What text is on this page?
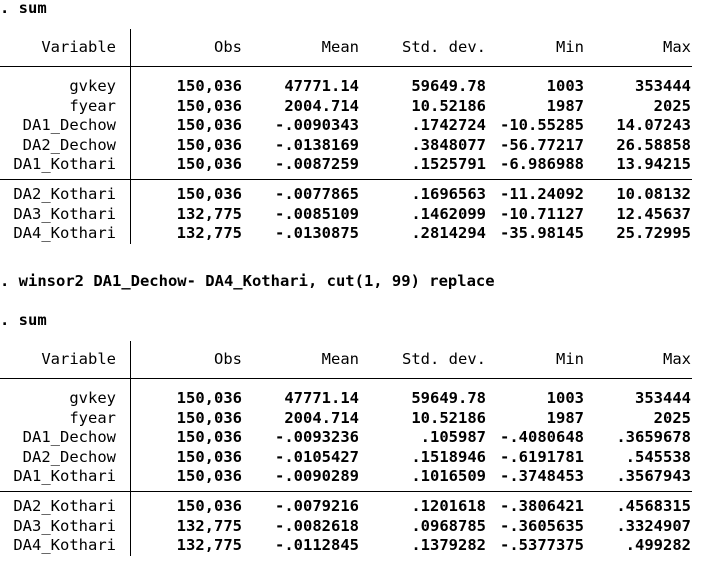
. sum
Variable	Obs	Mean	Std. dev.	Min	Max
gvkey	150,036	47771.14	59649.78	1003	353444
fyear	150,036	2004.714	10.52186	1987	2025
DA1_Dechow	150,036 -.0090343	.1742724 -10.55285 14.07243
DA2_Dechow	150,036 -.0138169	.3848077 -56.77217 26.58858
DA1_Kothari	150,036 -.0087259	.1525791 -6.986988 13.94215
DA2_Kothari	150,036 -.0077865	.1696563 -11.24092 10.08132
DA3_Kothari	132,775 -.0085109	.1462099 -10.71127 12.45637
DA4_Kothari	132,775 -.0130875	.2814294 -35.98145 25.72995
. winsor2 DA1_Dechow- DA4_Kothari, cut(1, 99) replace
. sum
Variable	Obs	Mean	Std. dev.	Min	Max
gvkey	150,036	47771.14	59649.78	1003	353444
fyear	150,036	2004.714	10.52186	1987	2025
DA1_Dechow	150,036 -.0093236	.105987 -.4080648 .3659678
DA2_Dechow	150,036 -.0105427	.1518946 -.6191781	.545538
DA1_Kothari	150,036 -.0090289	.1016509 -.3748453 .3567943
DA2_Kothari	150,036 -.0079216	.1201618 -.3806421 .4568315
DA3_Kothari	132,775 -.0082618	.0968785 -.3605635 .3324907
DA4_Kothari	132,775 -.0112845	.1379282 -.5377375	.499282
